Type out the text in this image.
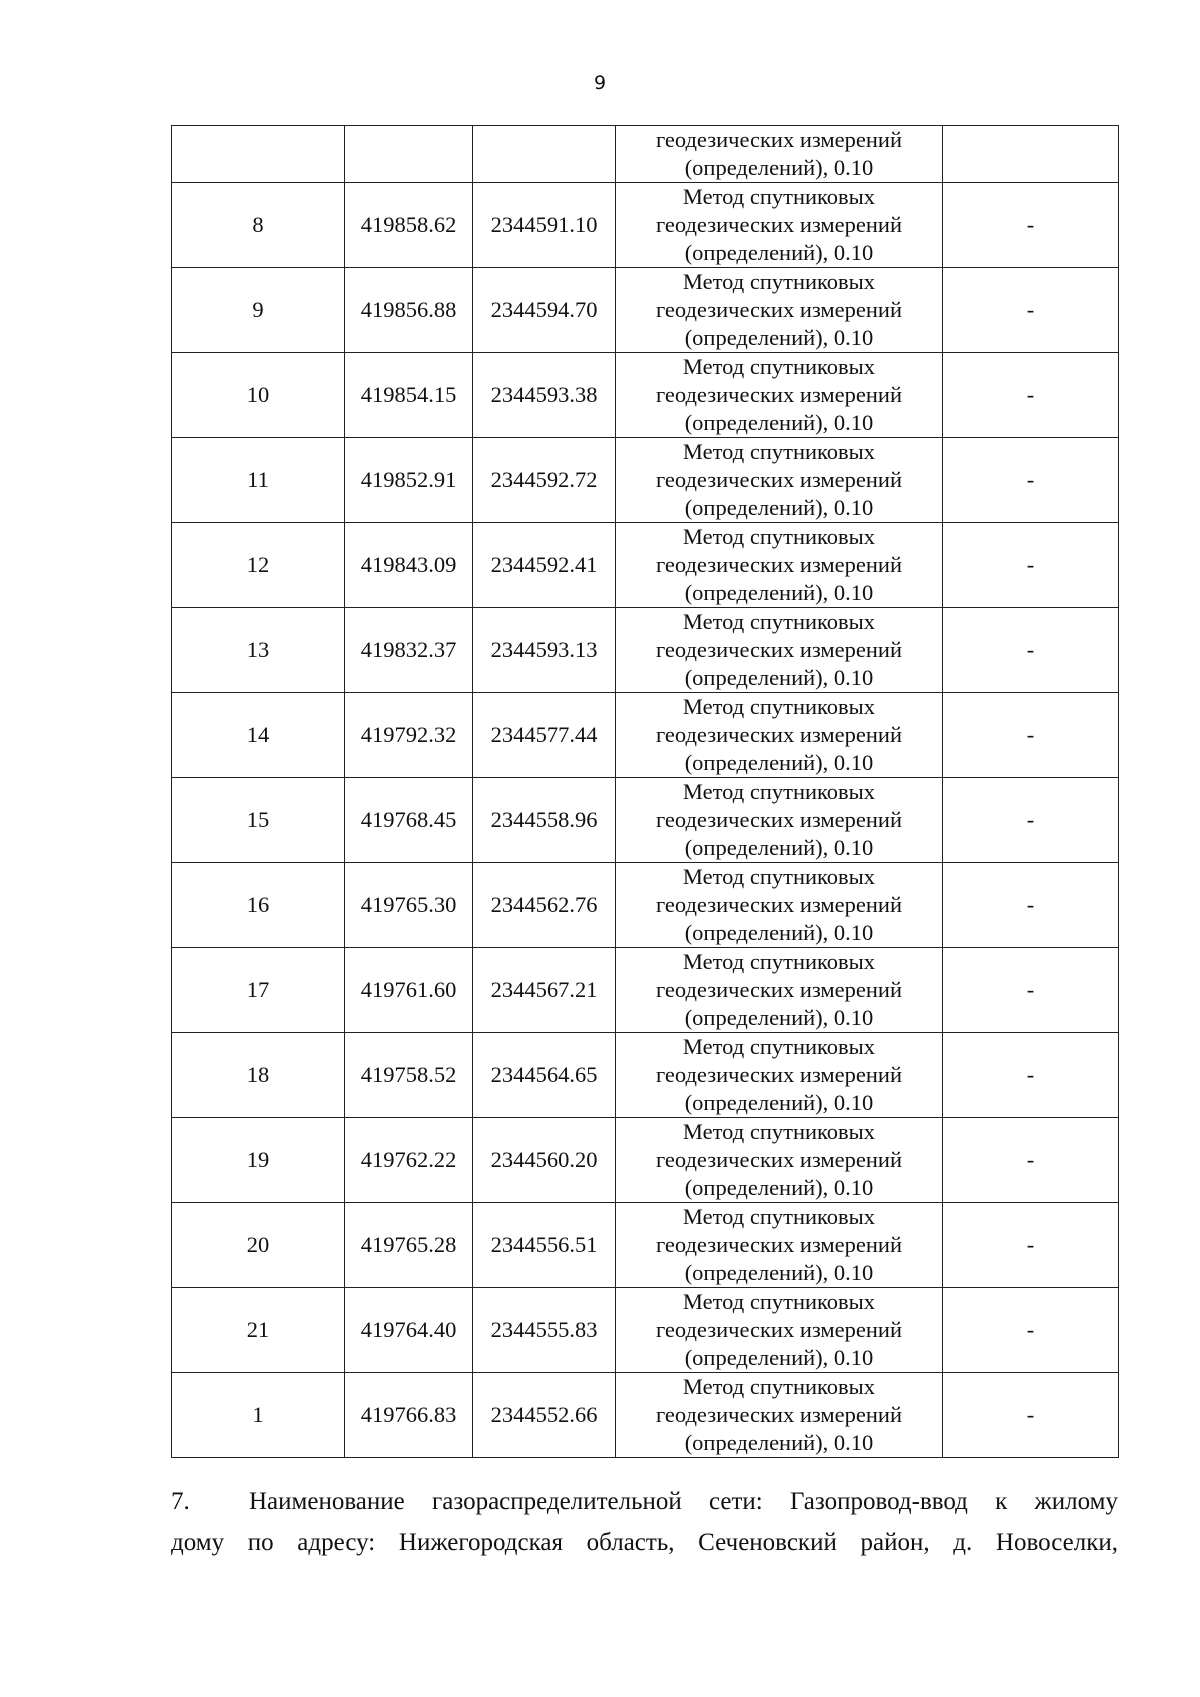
9

			геодезических измерений
(определений), 0.10	

8	419858.62	2344591.10	Метод спутниковых
геодезических измерений
(определений), 0.10	-
9	419856.88	2344594.70	Метод спутниковых
геодезических измерений
(определений), 0.10	-
10	419854.15	2344593.38	Метод спутниковых
геодезических измерений
(определений), 0.10	-
11	419852.91	2344592.72	Метод спутниковых
геодезических измерений
(определений), 0.10	-
12	419843.09	2344592.41	Метод спутниковых
геодезических измерений
(определений), 0.10	-
13	419832.37	2344593.13	Метод спутниковых
геодезических измерений
(определений), 0.10	-
14	419792.32	2344577.44	Метод спутниковых
геодезических измерений
(определений), 0.10	-
15	419768.45	2344558.96	Метод спутниковых
геодезических измерений
(определений), 0.10	-
16	419765.30	2344562.76	Метод спутниковых
геодезических измерений
(определений), 0.10	-
17	419761.60	2344567.21	Метод спутниковых
геодезических измерений
(определений), 0.10	-
18	419758.52	2344564.65	Метод спутниковых
геодезических измерений
(определений), 0.10	-
19	419762.22	2344560.20	Метод спутниковых
геодезических измерений
(определений), 0.10	-
20	419765.28	2344556.51	Метод спутниковых
геодезических измерений
(определений), 0.10	-
21	419764.40	2344555.83	Метод спутниковых
геодезических измерений
(определений), 0.10	-
1	419766.83	2344552.66	Метод спутниковых
геодезических измерений
(определений), 0.10	-
7. Наименование газораспределительной сети: Газопровод-ввод к жилому
дому по адресу: Нижегородская область, Сеченовский район, д. Новоселки,
